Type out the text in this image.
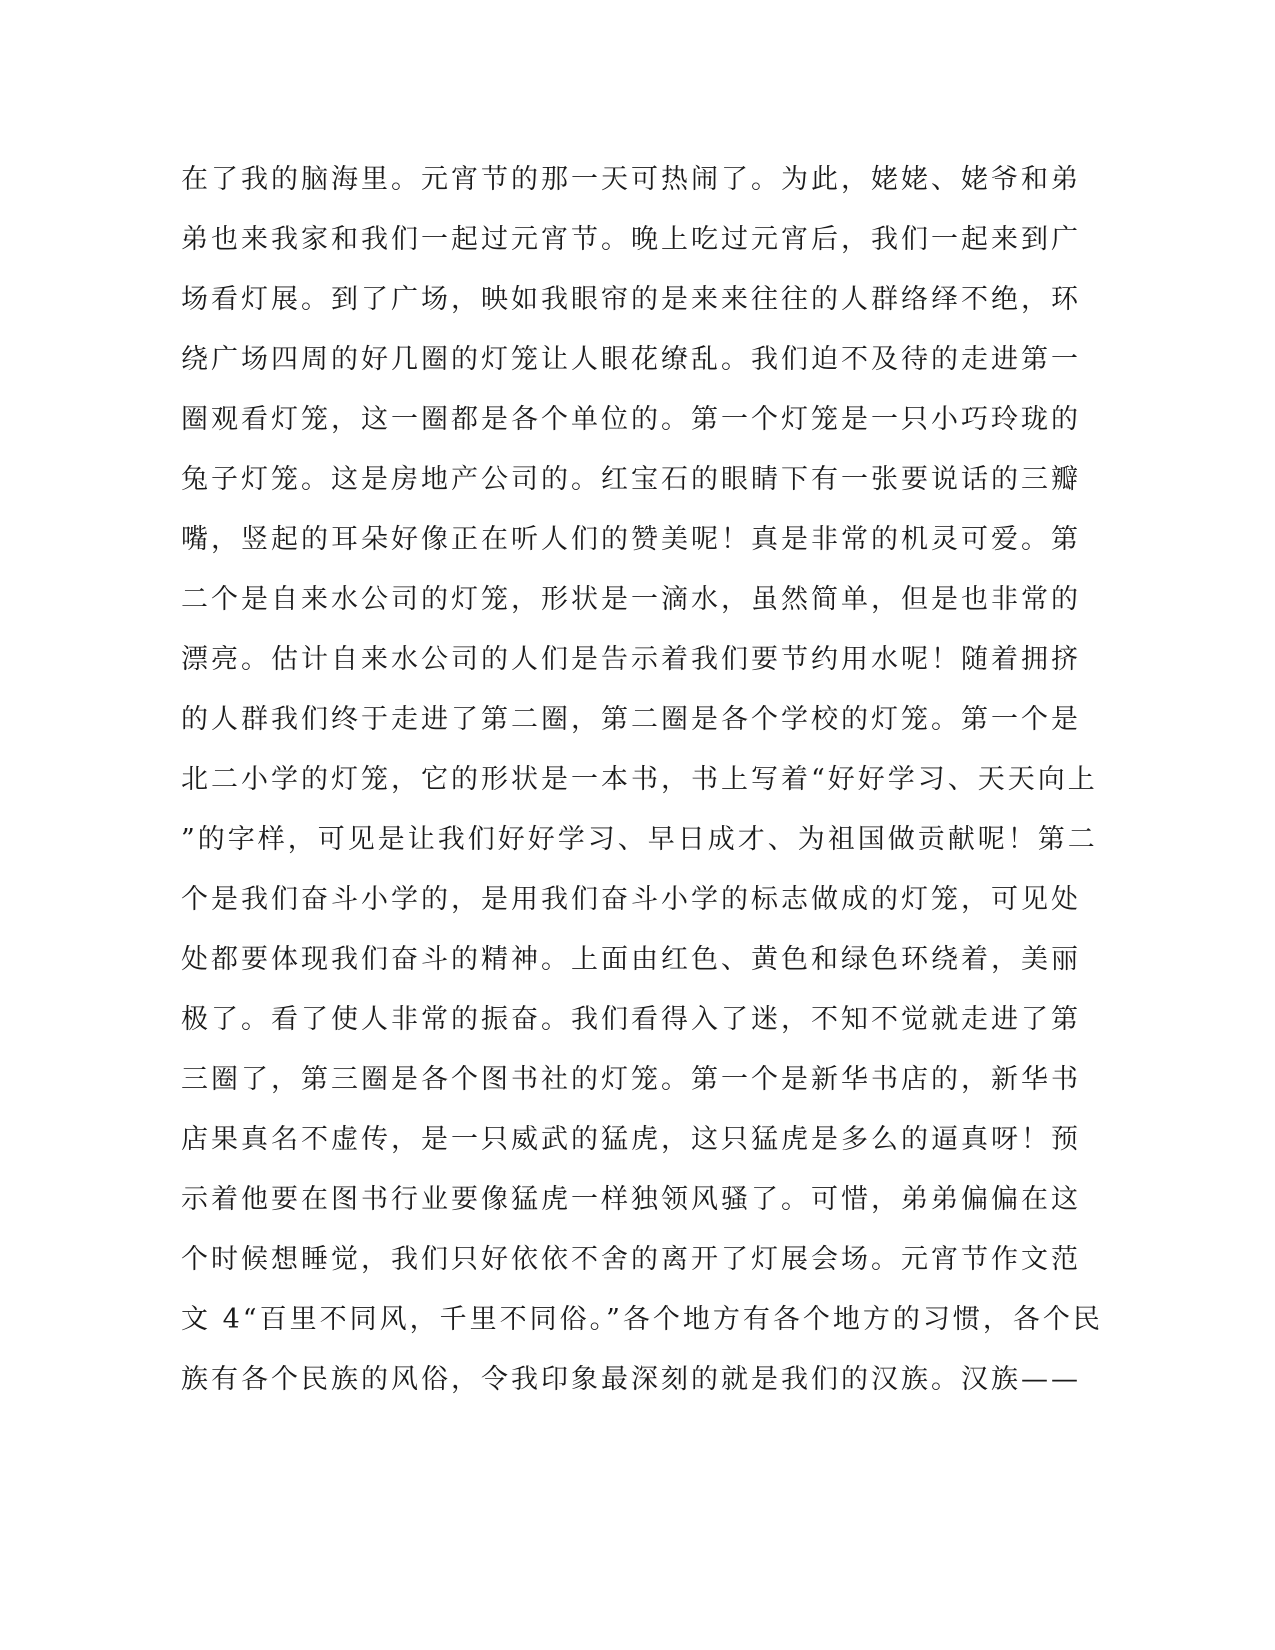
在了我的脑海里。元宵节的那一天可热闹了。为此，姥姥、姥爷和弟
弟也来我家和我们一起过元宵节。晚上吃过元宵后，我们一起来到广
场看灯展。到了广场，映如我眼帘的是来来往往的人群络绎不绝，环
绕广场四周的好几圈的灯笼让人眼花缭乱。我们迫不及待的走进第一
圈观看灯笼，这一圈都是各个单位的。第一个灯笼是一只小巧玲珑的
兔子灯笼。这是房地产公司的。红宝石的眼睛下有一张要说话的三瓣
嘴，竖起的耳朵好像正在听人们的赞美呢！真是非常的机灵可爱。第
二个是自来水公司的灯笼，形状是一滴水，虽然简单，但是也非常的
漂亮。估计自来水公司的人们是告示着我们要节约用水呢！随着拥挤
的人群我们终于走进了第二圈，第二圈是各个学校的灯笼。第一个是
北二小学的灯笼，它的形状是一本书，书上写着“好好学习、天天向上
”的字样，可见是让我们好好学习、早日成才、为祖国做贡献呢！第二
个是我们奋斗小学的，是用我们奋斗小学的标志做成的灯笼，可见处
处都要体现我们奋斗的精神。上面由红色、黄色和绿色环绕着，美丽
极了。看了使人非常的振奋。我们看得入了迷，不知不觉就走进了第
三圈了，第三圈是各个图书社的灯笼。第一个是新华书店的，新华书
店果真名不虚传，是一只威武的猛虎，这只猛虎是多么的逼真呀！预
示着他要在图书行业要像猛虎一样独领风骚了。可惜，弟弟偏偏在这
个时候想睡觉，我们只好依依不舍的离开了灯展会场。元宵节作文范
文 4“百里不同风，千里不同俗。”各个地方有各个地方的习惯，各个民
族有各个民族的风俗，令我印象最深刻的就是我们的汉族。汉族——
